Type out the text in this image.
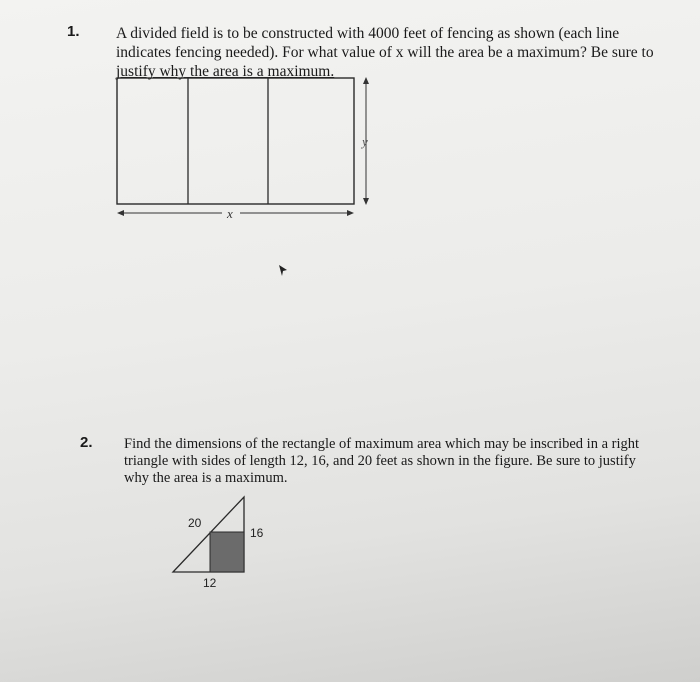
1. A divided field is to be constructed with 4000 feet of fencing as shown (each line
indicates fencing needed). For what value of x will the area be a maximum? Be sure to
justify why the area is a maximum.
x
y
20
16
12
2. Find the dimensions of the rectangle of maximum area which may be inscribed in a right
triangle with sides of length 12, 16, and 20 feet as shown in the figure. Be sure to justify
why the area is a maximum.
